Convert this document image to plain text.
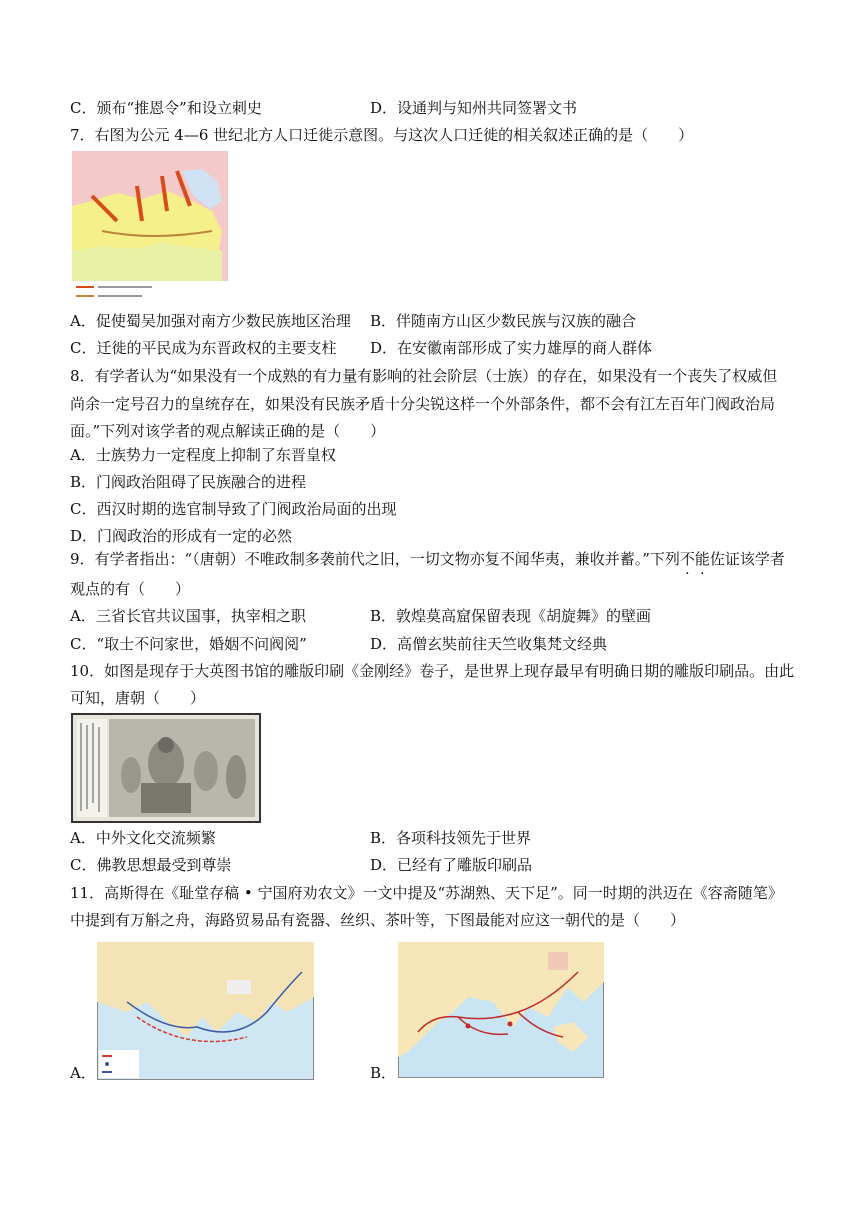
C．颁布“推恩令”和设立刺史	D．设通判与知州共同签署文书
7．右图为公元 4—6 世纪北方人口迁徙示意图。与这次人口迁徙的相关叙述正确的是（　　）
A．促使蜀吴加强对南方少数民族地区治理 B．伴随南方山区少数民族与汉族的融合
C．迁徙的平民成为东晋政权的主要支柱 D．在安徽南部形成了实力雄厚的商人群体
8．有学者认为“如果没有一个成熟的有力量有影响的社会阶层（士族）的存在，如果没有一个丧失了权威但
尚余一定号召力的皇统存在，如果没有民族矛盾十分尖锐这样一个外部条件，都不会有江左百年门阀政治局
面。”下列对该学者的观点解读正确的是（　　）
A．士族势力一定程度上抑制了东晋皇权
B．门阀政治阻碍了民族融合的进程
C．西汉时期的选官制导致了门阀政治局面的出现
D．门阀政治的形成有一定的必然
9．有学者指出：“（唐朝）不唯政制多袭前代之旧，一切文物亦复不闻华夷，兼收并蓄。”下列不能佐证该学者
观点的有（　　）
A．三省长官共议国事，执宰相之职	B．敦煌莫高窟保留表现《胡旋舞》的壁画
C．“取士不问家世，婚姻不问阀阅”	D．高僧玄奘前往天竺收集梵文经典
10．如图是现存于大英图书馆的雕版印刷《金刚经》卷子，是世界上现存最早有明确日期的雕版印刷品。由此
可知，唐朝（　　）
A．中外文化交流频繁	B．各项科技领先于世界
C．佛教思想最受到尊崇	D．已经有了雕版印刷品
11．高斯得在《耻堂存稿 • 宁国府劝农文》一文中提及“苏湖熟、天下足”。同一时期的洪迈在《容斋随笔》
中提到有万斛之舟，海路贸易品有瓷器、丝织、茶叶等，下图最能对应这一朝代的是（　　）
A．	B．
